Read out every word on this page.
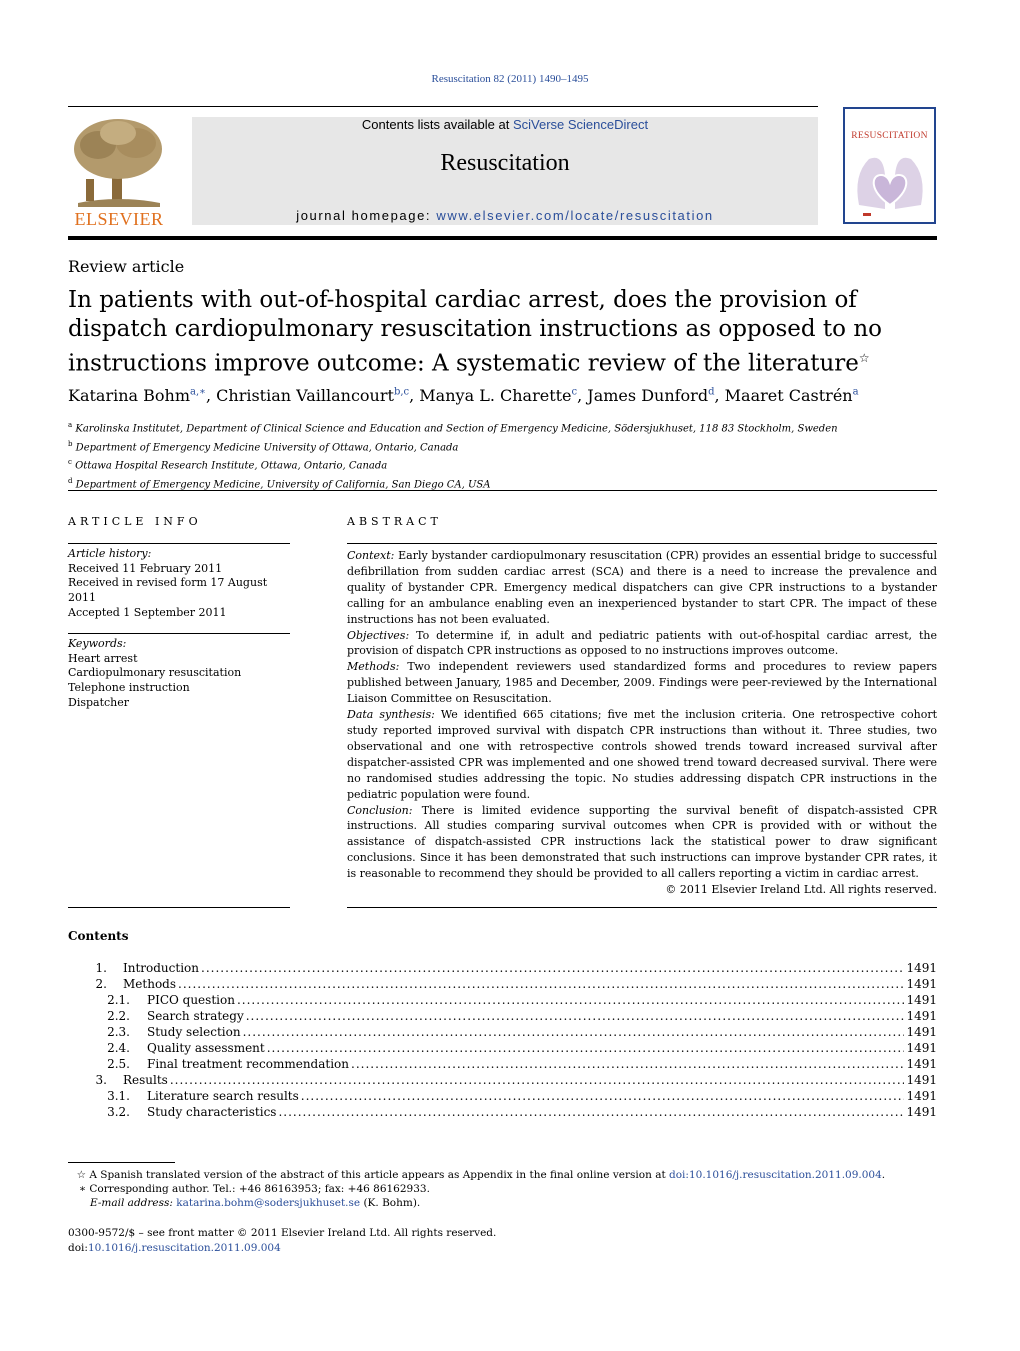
Resuscitation 82 (2011) 1490–1495
ELSEVIER
Contents lists available at SciVerse ScienceDirect
Resuscitation
journal homepage: www.elsevier.com/locate/resuscitation
RESUSCITATION
Review article
In patients with out-of-hospital cardiac arrest, does the provision of dispatch cardiopulmonary resuscitation instructions as opposed to no instructions improve outcome: A systematic review of the literature☆
Katarina Bohm$^{a,∗}$, Christian Vaillancourt$^{b,c}$, Manya L. Charette$^c$, James Dunford$^d$, Maaret Castrén$^a$
$^a$ Karolinska Institutet, Department of Clinical Science and Education and Section of Emergency Medicine, Södersjukhuset, 118 83 Stockholm, Sweden
$^b$ Department of Emergency Medicine University of Ottawa, Ontario, Canada
$^c$ Ottawa Hospital Research Institute, Ottawa, Ontario, Canada
$^d$ Department of Emergency Medicine, University of California, San Diego CA, USA
ARTICLE INFO
Article history:
Received 11 February 2011
Received in revised form 17 August 2011
Accepted 1 September 2011
Keywords:
Heart arrest
Cardiopulmonary resuscitation
Telephone instruction
Dispatcher
ABSTRACT

Context: Early bystander cardiopulmonary resuscitation (CPR) provides an essential bridge to successful defibrillation from sudden cardiac arrest (SCA) and there is a need to increase the prevalence and quality of bystander CPR. Emergency medical dispatchers can give CPR instructions to a bystander calling for an ambulance enabling even an inexperienced bystander to start CPR. The impact of these instructions has not been evaluated.

Objectives: To determine if, in adult and pediatric patients with out-of-hospital cardiac arrest, the provision of dispatch CPR instructions as opposed to no instructions improves outcome.

Methods: Two independent reviewers used standardized forms and procedures to review papers published between January, 1985 and December, 2009. Findings were peer-reviewed by the International Liaison Committee on Resuscitation.

Data synthesis: We identified 665 citations; five met the inclusion criteria. One retrospective cohort study reported improved survival with dispatch CPR instructions than without it. Three studies, two observational and one with retrospective controls showed trends toward increased survival after dispatcher-assisted CPR was implemented and one showed trend toward decreased survival. There were no randomised studies addressing the topic. No studies addressing dispatch CPR instructions in the pediatric population were found.

Conclusion: There is limited evidence supporting the survival benefit of dispatch-assisted CPR instructions. All studies comparing survival outcomes when CPR is provided with or without the assistance of dispatch-assisted CPR instructions lack the statistical power to draw significant conclusions. Since it has been demonstrated that such instructions can improve bystander CPR rates, it is reasonable to recommend they should be provided to all callers reporting a victim in cardiac arrest.

© 2011 Elsevier Ireland Ltd. All rights reserved.

Contents
1. Introduction .....	1491
2. Methods .....	1491
2.1. PICO question .....	1491
2.2. Search strategy .....	1491
2.3. Study selection .....	1491
2.4. Quality assessment .....	1491
2.5. Final treatment recommendation .....	1491
3. Results .....	1491
3.1. Literature search results .....	1491
3.2. Study characteristics .....	1491
☆ A Spanish translated version of the abstract of this article appears as Appendix in the final online version at doi:10.1016/j.resuscitation.2011.09.004.
∗ Corresponding author. Tel.: +46 86163953; fax: +46 86162933.
E-mail address: katarina.bohm@sodersjukhuset.se (K. Bohm).
0300-9572/$ – see front matter © 2011 Elsevier Ireland Ltd. All rights reserved.
doi:10.1016/j.resuscitation.2011.09.004
